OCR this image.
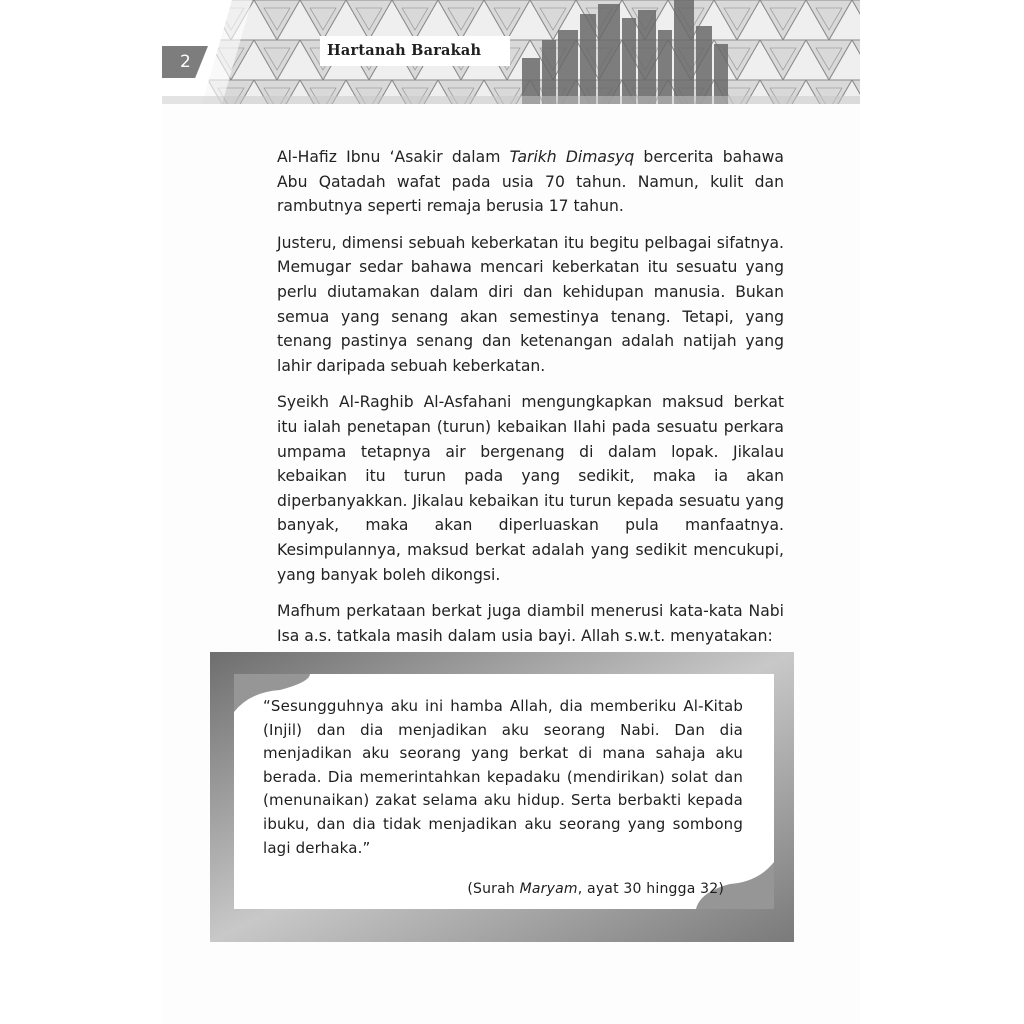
2
Hartanah Barakah

Al-Hafiz Ibnu ‘Asakir dalam Tarikh Dimasyq bercerita bahawa Abu Qatadah wafat pada usia 70 tahun. Namun, kulit dan rambutnya seperti remaja berusia 17 tahun.

Justeru, dimensi sebuah keberkatan itu begitu pelbagai sifatnya. Memugar sedar bahawa mencari keberkatan itu sesuatu yang perlu diutamakan dalam diri dan kehidupan manusia. Bukan semua yang senang akan semestinya tenang. Tetapi, yang tenang pastinya senang dan ketenangan adalah natijah yang lahir daripada sebuah keberkatan.

Syeikh Al-Raghib Al-Asfahani mengungkapkan maksud berkat itu ialah penetapan (turun) kebaikan Ilahi pada sesuatu perkara umpama tetapnya air bergenang di dalam lopak. Jikalau kebaikan itu turun pada yang sedikit, maka ia akan diperbanyakkan. Jikalau kebaikan itu turun kepada sesuatu yang banyak, maka akan diperluaskan pula manfaatnya. Kesimpulannya, maksud berkat adalah yang sedikit mencukupi, yang banyak boleh dikongsi.

Mafhum perkataan berkat juga diambil menerusi kata-kata Nabi Isa a.s. tatkala masih dalam usia bayi. Allah s.w.t. menyatakan:

“Sesungguhnya aku ini hamba Allah, dia memberiku Al-Kitab (Injil) dan dia menjadikan aku seorang Nabi. Dan dia menjadikan aku seorang yang berkat di mana sahaja aku berada. Dia memerintahkan kepadaku (mendirikan) solat dan (menunaikan) zakat selama aku hidup. Serta berbakti kepada ibuku, dan dia tidak menjadikan aku seorang yang sombong lagi derhaka.”
(Surah Maryam, ayat 30 hingga 32)
